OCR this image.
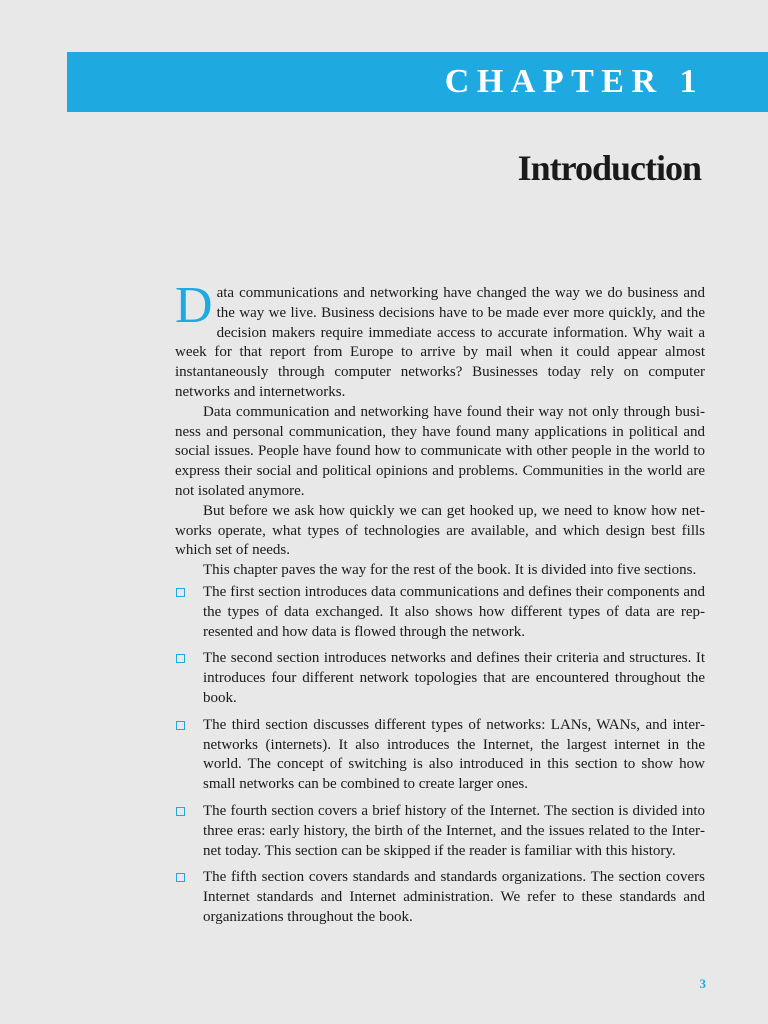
CHAPTER 1
Introduction

Data communications and networking have changed the way we do business and the way we live. Business decisions have to be made ever more quickly, and the decision makers require immediate access to accurate information. Why wait a week for that report from Europe to arrive by mail when it could appear almost instantaneously through computer networks? Businesses today rely on computer networks and internetworks.

Data communication and networking have found their way not only through business and personal communication, they have found many applications in political and social issues. People have found how to communicate with other people in the world to express their social and political opinions and problems. Communities in the world are not isolated anymore.

But before we ask how quickly we can get hooked up, we need to know how networks operate, what types of technologies are available, and which design best fills which set of needs.

This chapter paves the way for the rest of the book. It is divided into five sections.

The first section introduces data communications and defines their components and the types of data exchanged. It also shows how different types of data are represented and how data is flowed through the network.
The second section introduces networks and defines their criteria and structures. It introduces four different network topologies that are encountered throughout the book.
The third section discusses different types of networks: LANs, WANs, and internetworks (internets). It also introduces the Internet, the largest internet in the world. The concept of switching is also introduced in this section to show how small networks can be combined to create larger ones.
The fourth section covers a brief history of the Internet. The section is divided into three eras: early history, the birth of the Internet, and the issues related to the Internet today. This section can be skipped if the reader is familiar with this history.
The fifth section covers standards and standards organizations. The section covers Internet standards and Internet administration. We refer to these standards and organizations throughout the book.
3
